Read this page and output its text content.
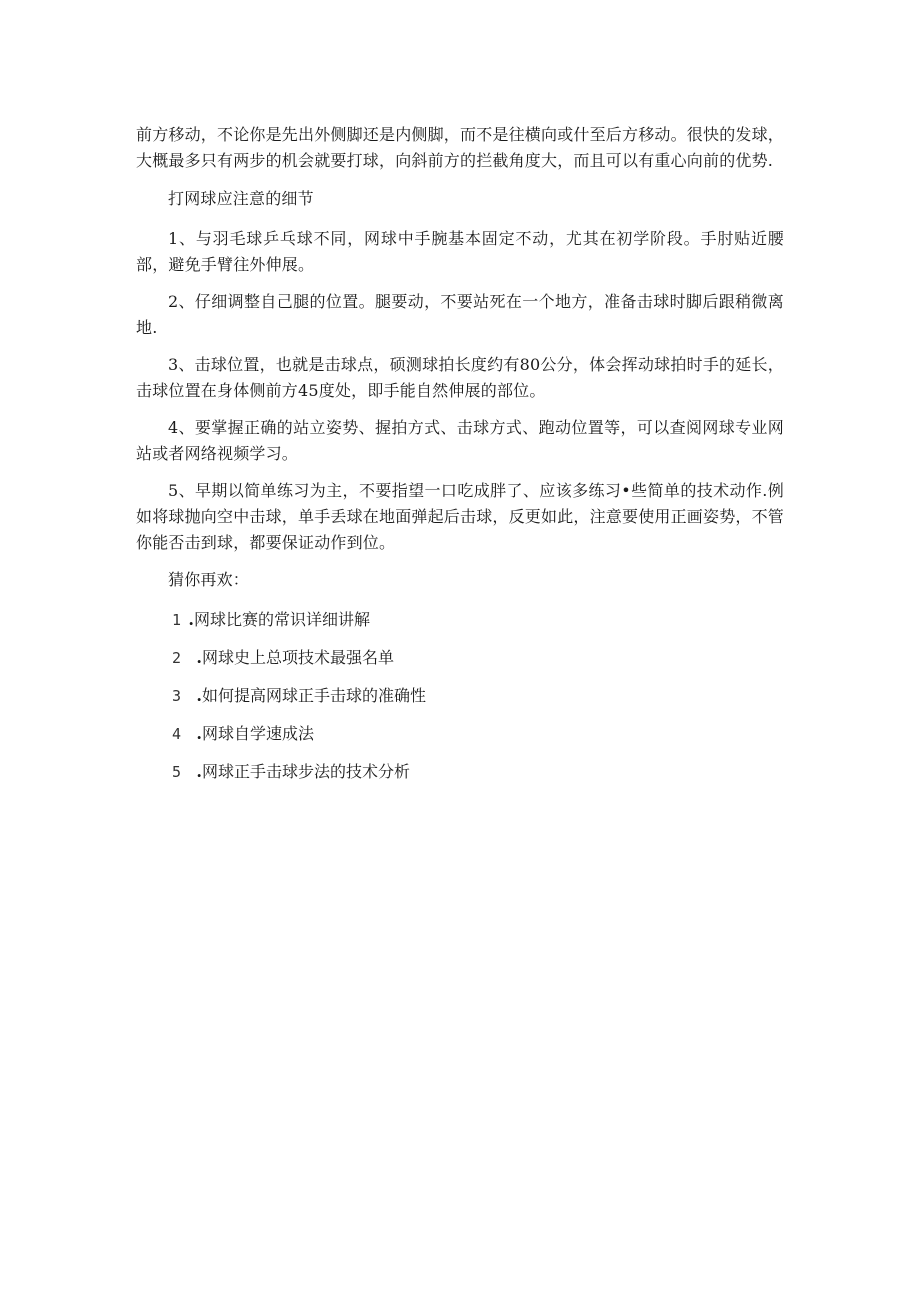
前方移动，不论你是先出外侧脚还是内侧脚，而不是往横向或什至后方移动。很快的发球，大概最多只有两步的机会就要打球，向斜前方的拦截角度大，而且可以有重心向前的优势.

打网球应注意的细节

1、与羽毛球乒乓球不同，网球中手腕基本固定不动，尤其在初学阶段。手肘贴近腰部，避免手臂往外伸展。

2、仔细调整自己腿的位置。腿要动，不要站死在一个地方，准备击球时脚后跟稍微离地.

3、击球位置，也就是击球点，硕测球拍长度约有80公分，体会挥动球拍时手的延长，击球位置在身体侧前方45度处，即手能自然伸展的部位。

4、要掌握正确的站立姿势、握拍方式、击球方式、跑动位置等，可以查阅网球专业网站或者网络视频学习。

5、早期以简单练习为主，不要指望一口吃成胖了、应该多练习•些简单的技术动作.例如将球抛向空中击球，单手丢球在地面弹起后击球，反更如此，注意要使用正画姿势，不管你能否击到球，都要保证动作到位。

猜你再欢：

1 .网球比赛的常识详细讲解
2 .网球史上总项技术最强名单
3 .如何提高网球正手击球的准确性
4 .网球自学速成法
5 .网球正手击球步法的技术分析
